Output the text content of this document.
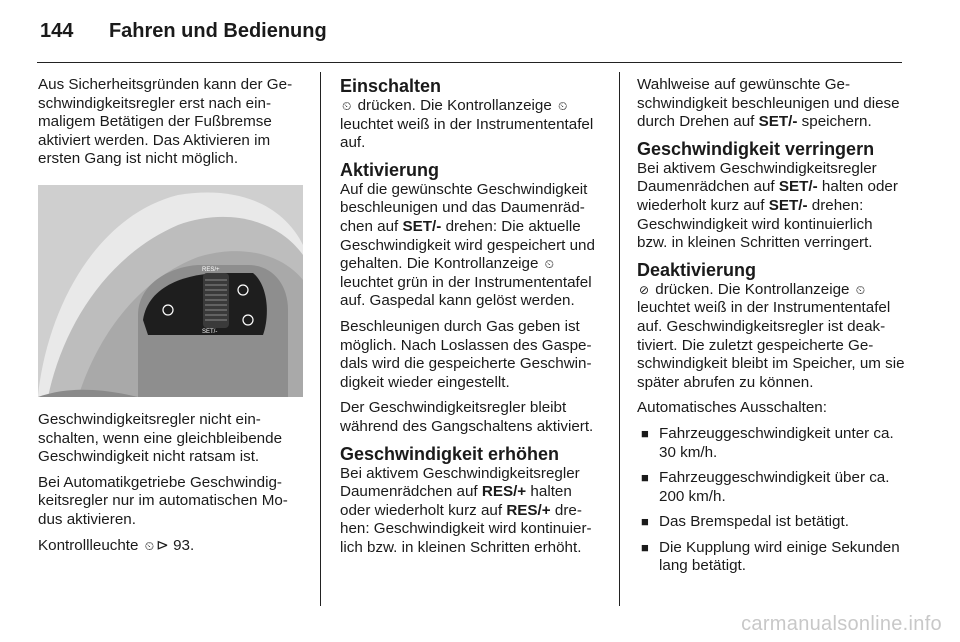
144 Fahren und Bedienung

Aus Sicherheitsgründen kann der Geschwindigkeitsregler erst nach einmaligem Betätigen der Fußbremse aktiviert werden. Das Aktivieren im ersten Gang ist nicht möglich.

RES/+
SET/-

Geschwindigkeitsregler nicht einschalten, wenn eine gleichbleibende Geschwindigkeit nicht ratsam ist.

Bei Automatikgetriebe Geschwindigkeitsregler nur im automatischen Modus aktivieren.

Kontrollleuchte ⏲ ⊳ 93.

Einschalten

⏲ drücken. Die Kontrollanzeige ⏲ leuchtet weiß in der Instrumententafel auf.

Aktivierung

Auf die gewünschte Geschwindigkeit beschleunigen und das Daumenrädchen auf SET/- drehen: Die aktuelle Geschwindigkeit wird gespeichert und gehalten. Die Kontrollanzeige ⏲ leuchtet grün in der Instrumententafel auf. Gaspedal kann gelöst werden.

Beschleunigen durch Gas geben ist möglich. Nach Loslassen des Gaspedals wird die gespeicherte Geschwindigkeit wieder eingestellt.

Der Geschwindigkeitsregler bleibt während des Gangschaltens aktiviert.

Geschwindigkeit erhöhen

Bei aktivem Geschwindigkeitsregler Daumenrädchen auf RES/+ halten oder wiederholt kurz auf RES/+ drehen: Geschwindigkeit wird kontinuierlich bzw. in kleinen Schritten erhöht.

Wahlweise auf gewünschte Geschwindigkeit beschleunigen und diese durch Drehen auf SET/- speichern.

Geschwindigkeit verringern

Bei aktivem Geschwindigkeitsregler Daumenrädchen auf SET/- halten oder wiederholt kurz auf SET/- drehen: Geschwindigkeit wird kontinuierlich bzw. in kleinen Schritten verringert.

Deaktivierung

⊘ drücken. Die Kontrollanzeige ⏲ leuchtet weiß in der Instrumententafel auf. Geschwindigkeitsregler ist deaktiviert. Die zuletzt gespeicherte Geschwindigkeit bleibt im Speicher, um sie später abrufen zu können.

Automatisches Ausschalten:

■ Fahrzeuggeschwindigkeit unter ca. 30 km/h.
■ Fahrzeuggeschwindigkeit über ca. 200 km/h.
■ Das Bremspedal ist betätigt.
■ Die Kupplung wird einige Sekunden lang betätigt.
carmanualsonline.info
